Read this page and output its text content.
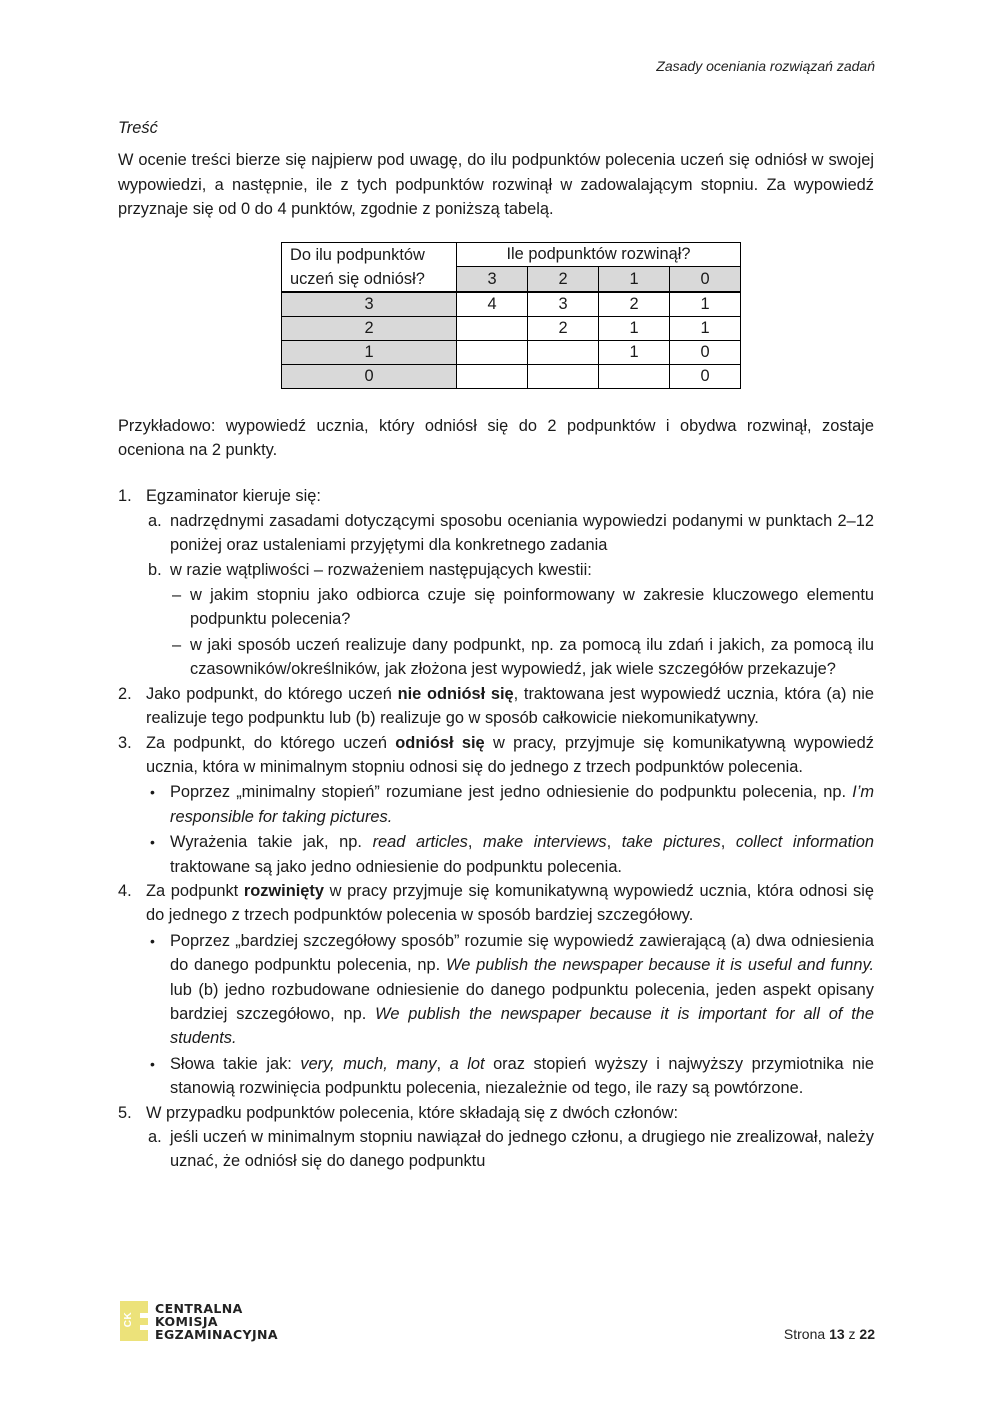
Zasady oceniania rozwiązań zadań
Treść

W ocenie treści bierze się najpierw pod uwagę, do ilu podpunktów polecenia uczeń się odniósł w swojej wypowiedzi, a następnie, ile z tych podpunktów rozwinął w zadowalającym stopniu. Za wypowiedź przyznaje się od 0 do 4 punktów, zgodnie z poniższą tabelą.

Do ilu podpunktów uczeń się odniósł?	Ile podpunktów rozwinął?			
	3	2	1	0
3	4	3	2	1
2		2	1	1
1			1	0
0				0

Przykładowo: wypowiedź ucznia, który odniósł się do 2 podpunktów i obydwa rozwinął, zostaje oceniona na 2 punkty.

1. Egzaminator kieruje się:
a. nadrzędnymi zasadami dotyczącymi sposobu oceniania wypowiedzi podanymi w punktach 2–12 poniżej oraz ustaleniami przyjętymi dla konkretnego zadania
b. w razie wątpliwości – rozważeniem następujących kwestii:
– w jakim stopniu jako odbiorca czuje się poinformowany w zakresie kluczowego elementu podpunktu polecenia?
– w jaki sposób uczeń realizuje dany podpunkt, np. za pomocą ilu zdań i jakich, za pomocą ilu czasowników/określników, jak złożona jest wypowiedź, jak wiele szczegółów przekazuje?
2. Jako podpunkt, do którego uczeń nie odniósł się, traktowana jest wypowiedź ucznia, która (a) nie realizuje tego podpunktu lub (b) realizuje go w sposób całkowicie niekomunikatywny.
3. Za podpunkt, do którego uczeń odniósł się w pracy, przyjmuje się komunikatywną wypowiedź ucznia, która w minimalnym stopniu odnosi się do jednego z trzech podpunktów polecenia.
• Poprzez „minimalny stopień” rozumiane jest jedno odniesienie do podpunktu polecenia, np. I’m responsible for taking pictures.
• Wyrażenia takie jak, np. read articles, make interviews, take pictures, collect information traktowane są jako jedno odniesienie do podpunktu polecenia.
4. Za podpunkt rozwinięty w pracy przyjmuje się komunikatywną wypowiedź ucznia, która odnosi się do jednego z trzech podpunktów polecenia w sposób bardziej szczegółowy.
• Poprzez „bardziej szczegółowy sposób” rozumie się wypowiedź zawierającą (a) dwa odniesienia do danego podpunktu polecenia, np. We publish the newspaper because it is useful and funny. lub (b) jedno rozbudowane odniesienie do danego podpunktu polecenia, jeden aspekt opisany bardziej szczegółowo, np. We publish the newspaper because it is important for all of the students.
• Słowa takie jak: very, much, many, a lot oraz stopień wyższy i najwyższy przymiotnika nie stanowią rozwinięcia podpunktu polecenia, niezależnie od tego, ile razy są powtórzone.
5. W przypadku podpunktów polecenia, które składają się z dwóch członów:
a. jeśli uczeń w minimalnym stopniu nawiązał do jednego członu, a drugiego nie zrealizował, należy uznać, że odniósł się do danego podpunktu
CK
CENTRALNA
KOMISJA
EGZAMINACYJNA	Strona 13 z 22
